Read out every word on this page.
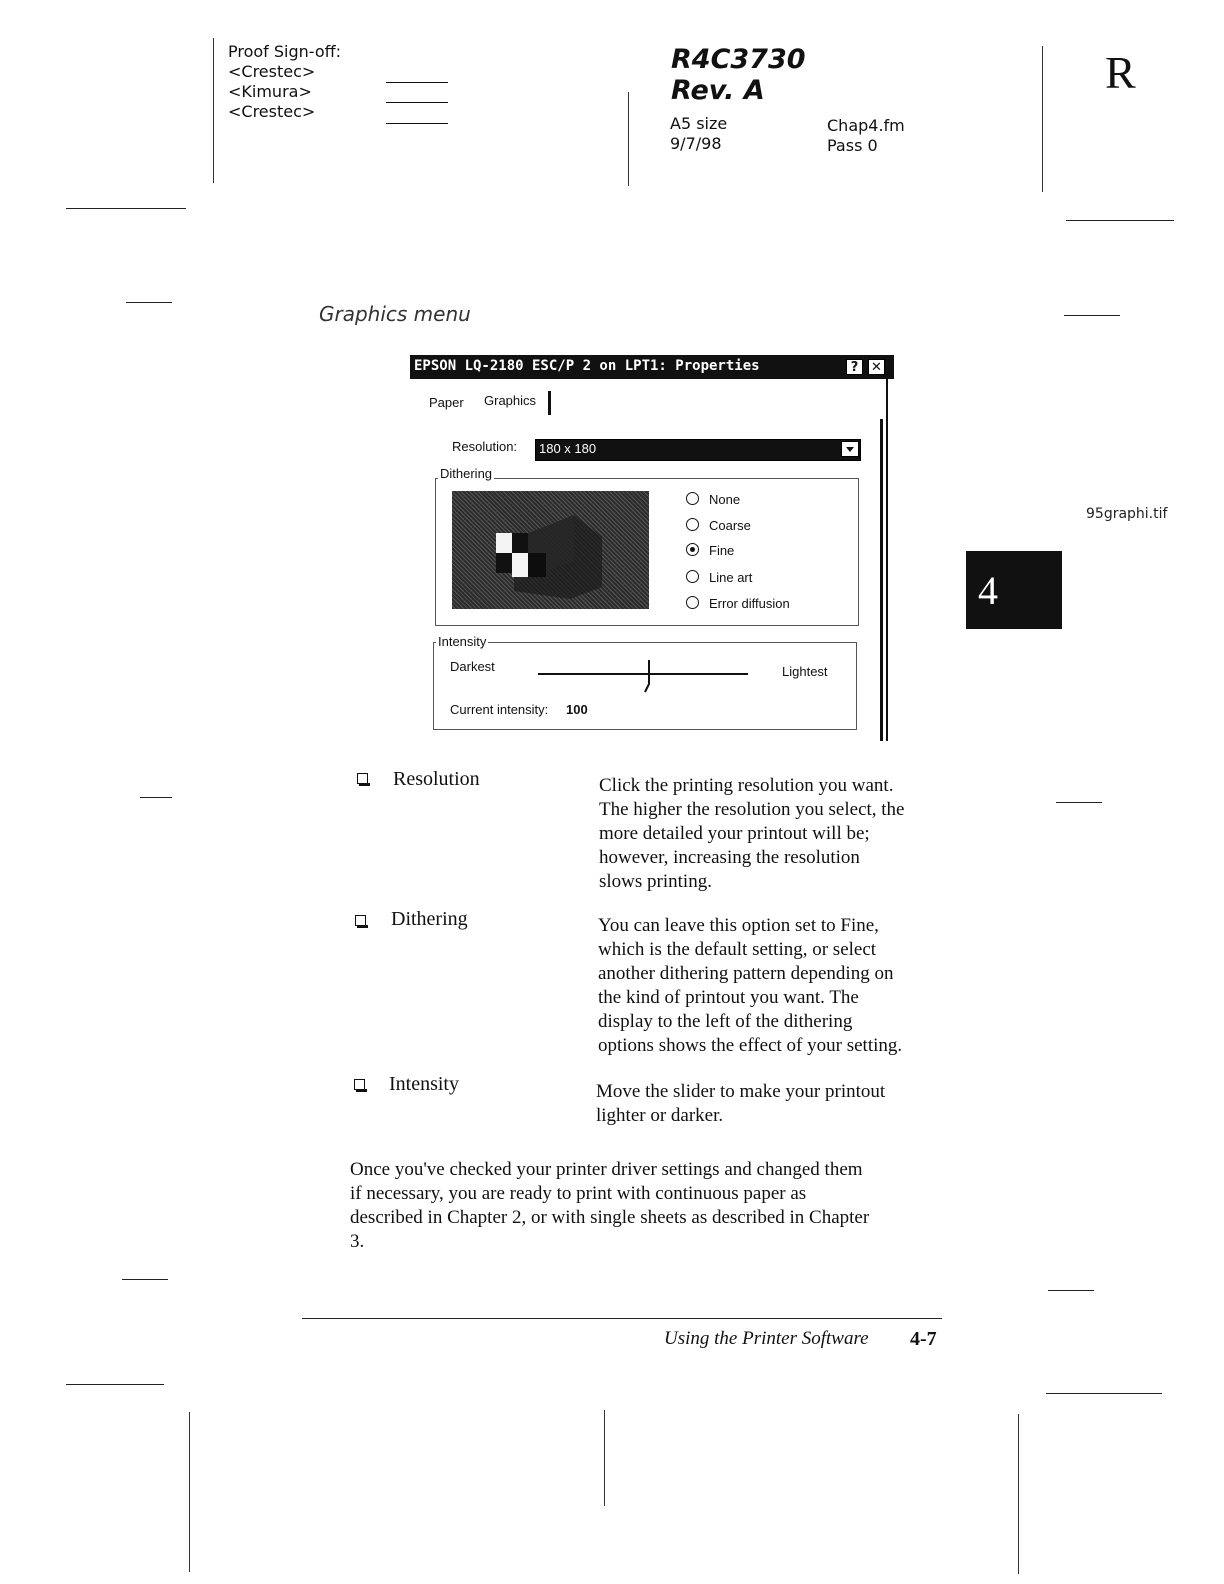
Proof Sign-off:
<Crestec>
<Kimura>
<Crestec>
R4C3730
Rev. A
A5 size	Chap4.fm
9/7/98	Pass 0
R
Graphics menu
95graphi.tif
4
EPSON LQ-2180 ESC/P 2 on LPT1: Properties	? ✕
Paper Graphics
Resolution: 180 x 180
Dithering
None
Coarse
Fine
Line art
Error diffusion
Intensity
Darkest	Lightest
Current intensity: 100
Resolution	Click the printing resolution you want.
The higher the resolution you select, the
more detailed your printout will be;
however, increasing the resolution
slows printing.
Dithering	You can leave this option set to Fine,
which is the default setting, or select
another dithering pattern depending on
the kind of printout you want. The
display to the left of the dithering
options shows the effect of your setting.
Intensity	Move the slider to make your printout
lighter or darker.
Once you've checked your printer driver settings and changed them
if necessary, you are ready to print with continuous paper as
described in Chapter 2, or with single sheets as described in Chapter
3.
Using the Printer Software 4-7
